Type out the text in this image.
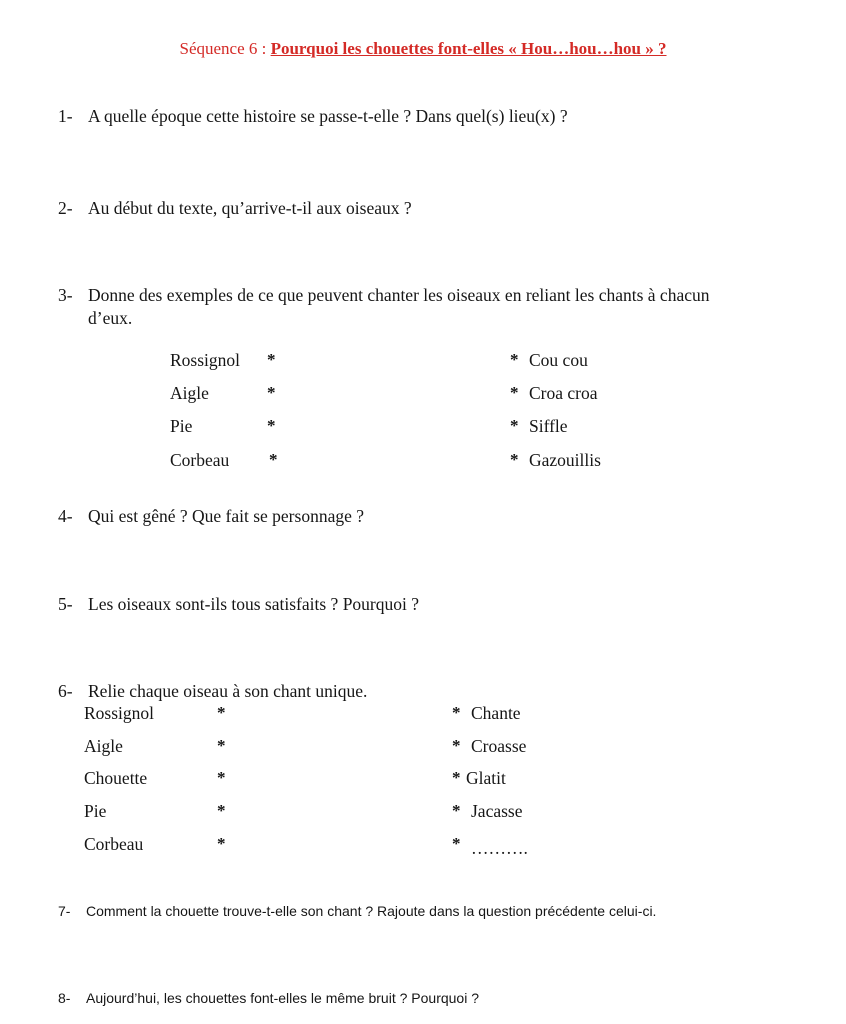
Séquence 6 : Pourquoi les chouettes font-elles « Hou…hou…hou » ?
1- A quelle époque cette histoire se passe-t-elle ? Dans quel(s) lieu(x) ?
2- Au début du texte, qu’arrive-t-il aux oiseaux ?
3- Donne des exemples de ce que peuvent chanter les oiseaux en reliant les chants à chacun
d’eux.
Rossignol
Aigle
Pie
Corbeau
*
*
*
*
*
*
*
*
Cou cou
Croa croa
Siffle
Gazouillis
4- Qui est gêné ? Que fait se personnage ?
5- Les oiseaux sont-ils tous satisfaits ? Pourquoi ?
6- Relie chaque oiseau à son chant unique.
Rossignol
Aigle
Chouette
Pie
Corbeau
*
*
*
*
*
*
*
*
*
*
Chante
Croasse
Glatit
Jacasse
……….
7- Comment la chouette trouve-t-elle son chant ? Rajoute dans la question précédente celui-ci.
8- Aujourd’hui, les chouettes font-elles le même bruit ? Pourquoi ?
